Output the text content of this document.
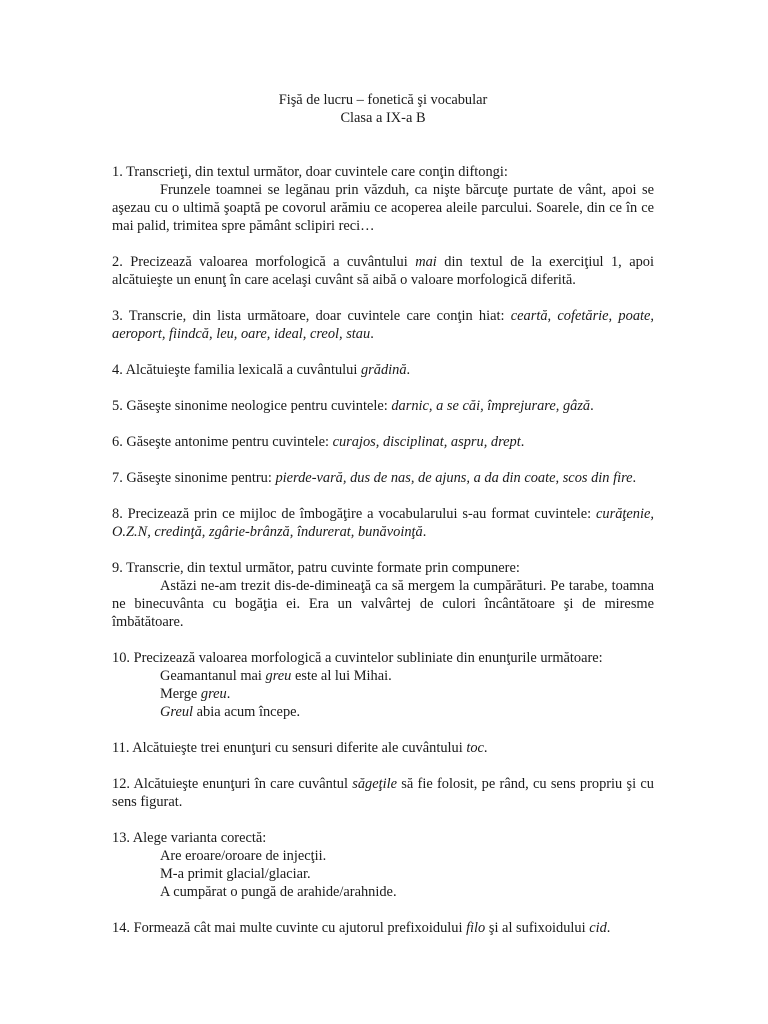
Fişă de lucru – fonetică şi vocabular
Clasa a IX-a B
1. Transcrieţi, din textul următor, doar cuvintele care conţin diftongi:
Frunzele toamnei se legănau prin văzduh, ca nişte bărcuţe purtate de vânt, apoi se aşezau cu o ultimă şoaptă pe covorul arămiu ce acoperea aleile parcului. Soarele, din ce în ce mai palid, trimitea spre pământ sclipiri reci…
2. Precizează valoarea morfologică a cuvântului mai din textul de la exerciţiul 1, apoi alcătuieşte un enunţ în care acelaşi cuvânt să aibă o valoare morfologică diferită.
3. Transcrie, din lista următoare, doar cuvintele care conţin hiat: ceartă, cofetărie, poate, aeroport, fiindcă, leu, oare, ideal, creol, stau.
4. Alcătuieşte familia lexicală a cuvântului grădină.
5. Găseşte sinonime neologice pentru cuvintele: darnic, a se căi, împrejurare, gâză.
6. Găseşte antonime pentru cuvintele: curajos, disciplinat, aspru, drept.
7. Găseşte sinonime pentru: pierde-vară, dus de nas, de ajuns, a da din coate, scos din fire.
8. Precizează prin ce mijloc de îmbogăţire a vocabularului s-au format cuvintele: curăţenie, O.Z.N, credinţă, zgârie-brânză, îndurerat, bunăvoinţă.
9. Transcrie, din textul următor, patru cuvinte formate prin compunere:
Astăzi ne-am trezit dis-de-dimineaţă ca să mergem la cumpărături. Pe tarabe, toamna ne binecuvânta cu bogăţia ei. Era un valvârtej de culori încântătoare şi de miresme îmbătătoare.
10. Precizează valoarea morfologică a cuvintelor subliniate din enunţurile următoare:
Geamantanul mai greu este al lui Mihai.
Merge greu.
Greul abia acum începe.
11. Alcătuieşte trei enunţuri cu sensuri diferite ale cuvântului toc.
12. Alcătuieşte enunţuri în care cuvântul săgeţile să fie folosit, pe rând, cu sens propriu şi cu sens figurat.
13. Alege varianta corectă:
Are eroare/oroare de injecţii.
M-a primit glacial/glaciar.
A cumpărat o pungă de arahide/arahnide.
14. Formează cât mai multe cuvinte cu ajutorul prefixoidului filo şi al sufixoidului cid.
